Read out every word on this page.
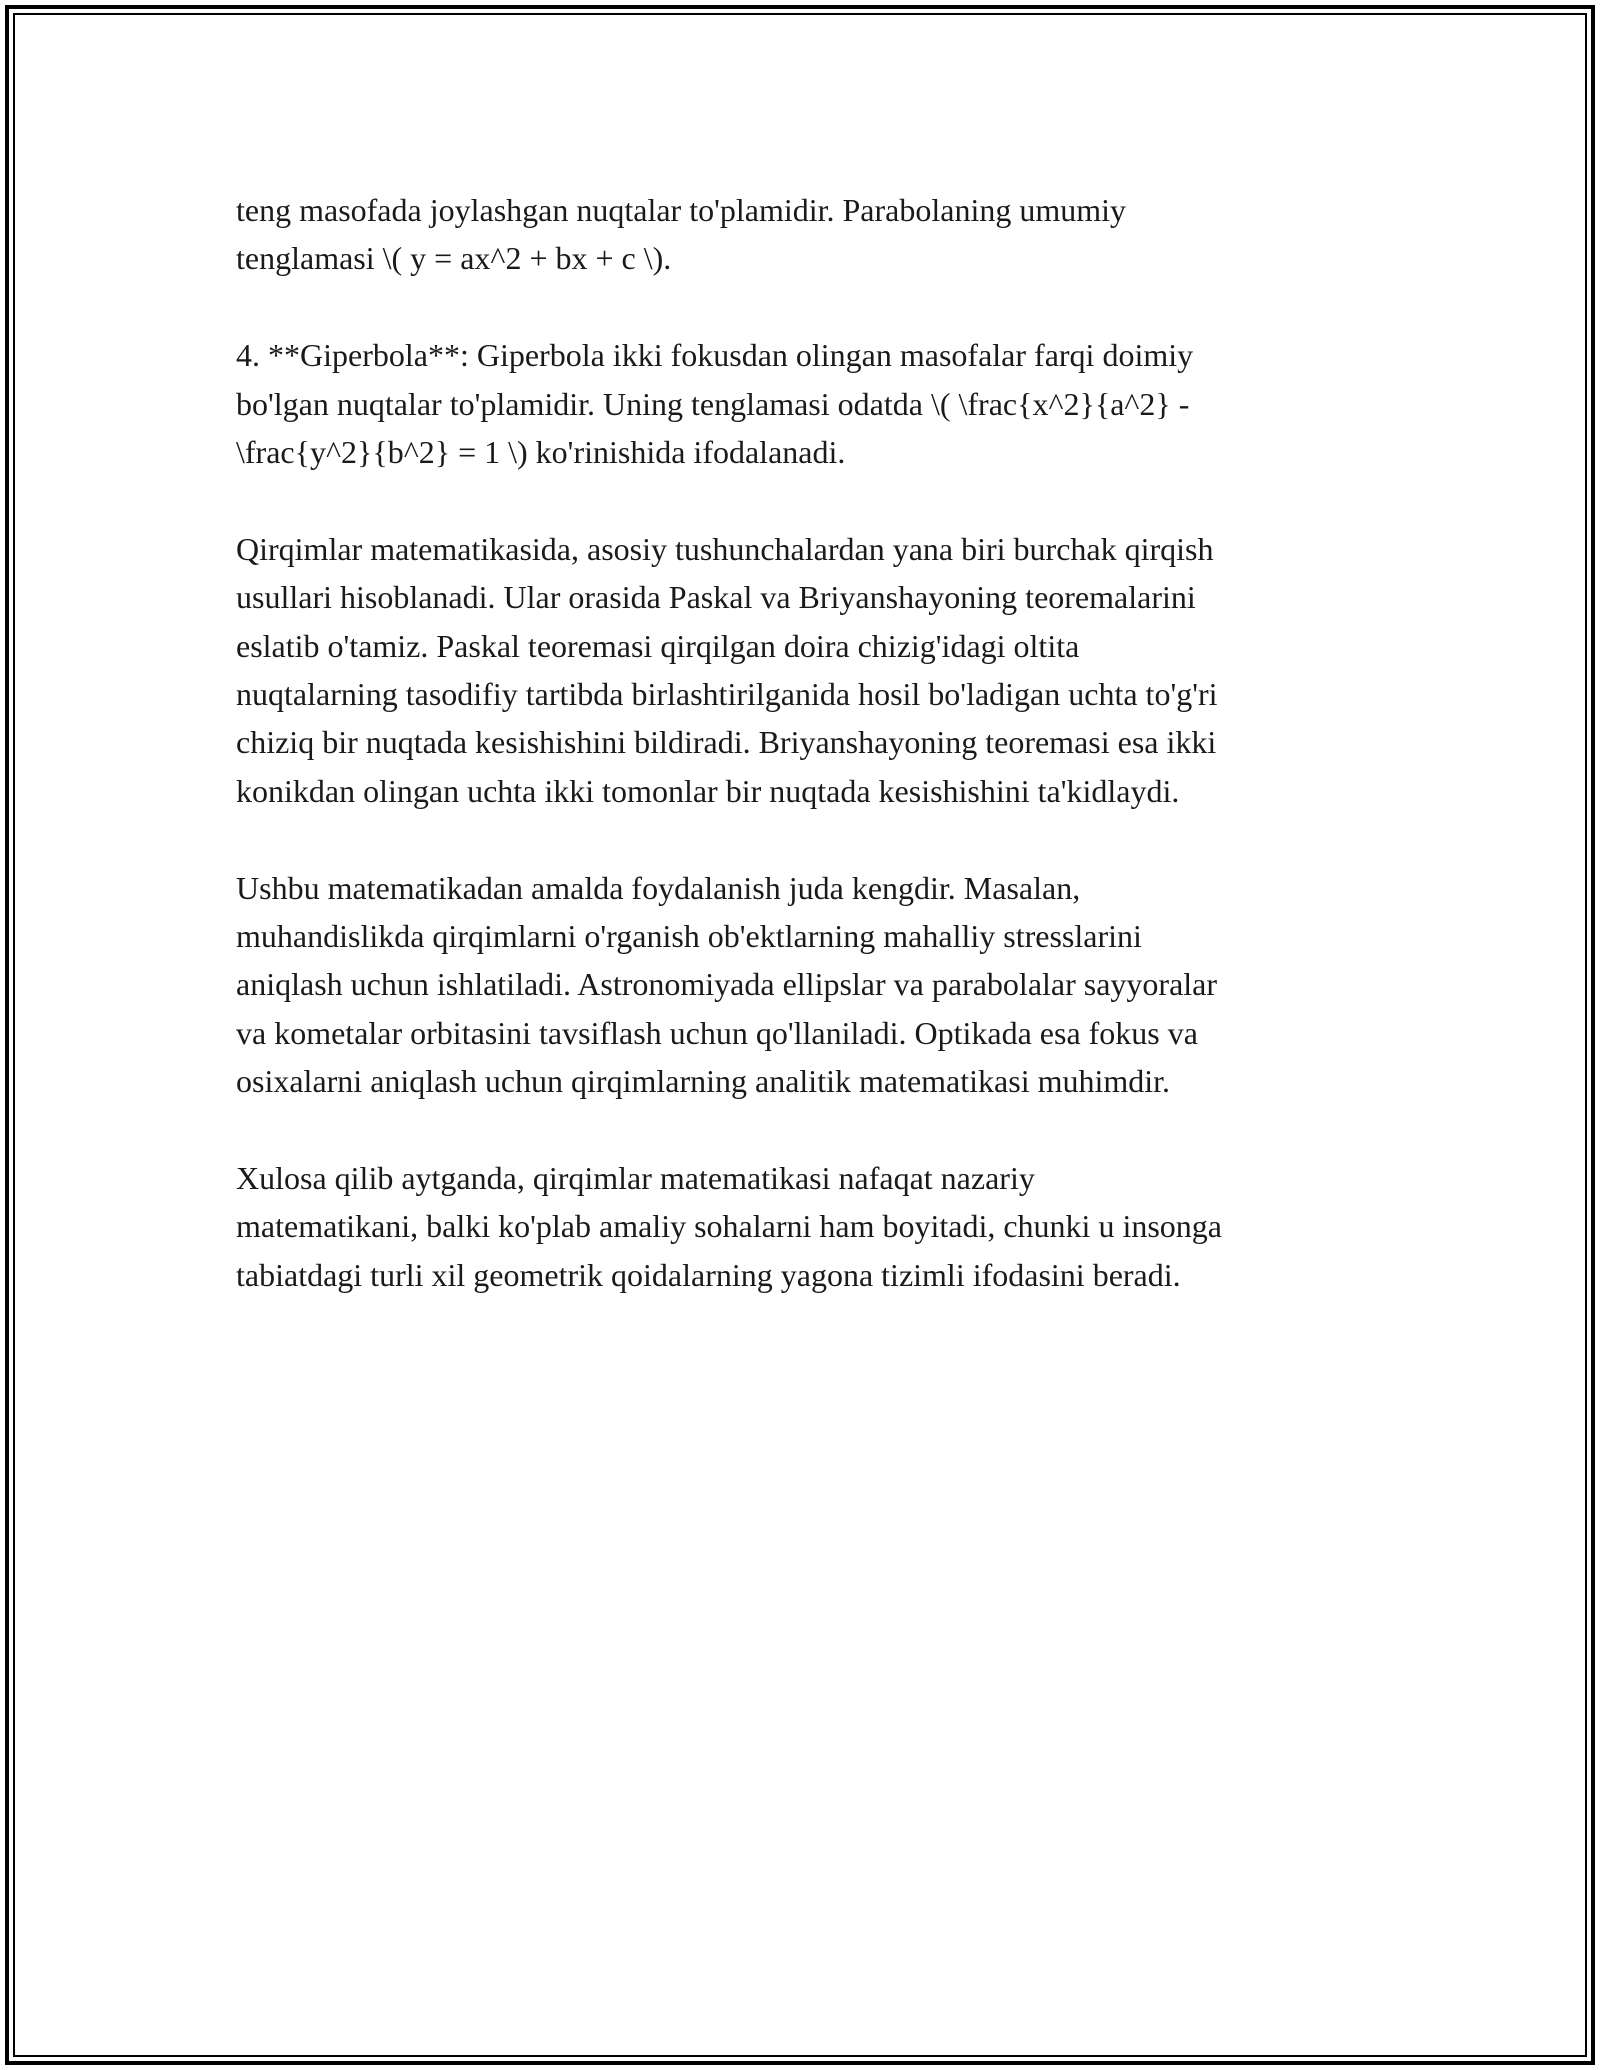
teng masofada joylashgan nuqtalar to'plamidir. Parabolaning umumiy
tenglamasi \( y = ax^2 + bx + c \).

4. **Giperbola**: Giperbola ikki fokusdan olingan masofalar farqi doimiy
bo'lgan nuqtalar to'plamidir. Uning tenglamasi odatda \( \frac{x^2}{a^2} -
\frac{y^2}{b^2} = 1 \) ko'rinishida ifodalanadi.

Qirqimlar matematikasida, asosiy tushunchalardan yana biri burchak qirqish
usullari hisoblanadi. Ular orasida Paskal va Briyanshayoning teoremalarini
eslatib o'tamiz. Paskal teoremasi qirqilgan doira chizig'idagi oltita
nuqtalarning tasodifiy tartibda birlashtirilganida hosil bo'ladigan uchta to'g'ri
chiziq bir nuqtada kesishishini bildiradi. Briyanshayoning teoremasi esa ikki
konikdan olingan uchta ikki tomonlar bir nuqtada kesishishini ta'kidlaydi.

Ushbu matematikadan amalda foydalanish juda kengdir. Masalan,
muhandislikda qirqimlarni o'rganish ob'ektlarning mahalliy stresslarini
aniqlash uchun ishlatiladi. Astronomiyada ellipslar va parabolalar sayyoralar
va kometalar orbitasini tavsiflash uchun qo'llaniladi. Optikada esa fokus va
osixalarni aniqlash uchun qirqimlarning analitik matematikasi muhimdir.

Xulosa qilib aytganda, qirqimlar matematikasi nafaqat nazariy
matematikani, balki ko'plab amaliy sohalarni ham boyitadi, chunki u insonga
tabiatdagi turli xil geometrik qoidalarning yagona tizimli ifodasini beradi.
